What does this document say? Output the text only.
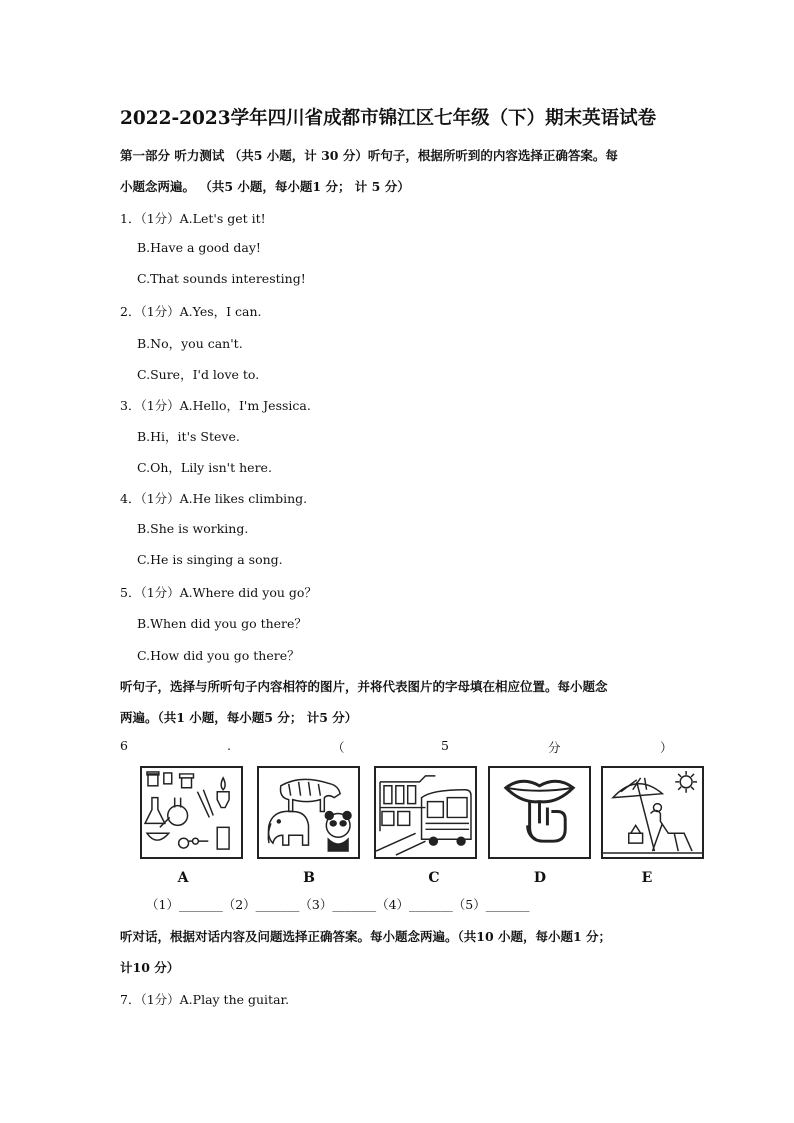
2022-2023学年四川省成都市锦江区七年级（下）期末英语试卷
第一部分 听力测试 （共5 小题，计 30 分）听句子，根据所听到的内容选择正确答案。每
小题念两遍。 （共5 小题，每小题1 分； 计 5 分）
1．（1分）A.Let's get it!
B.Have a good day!
C.That sounds interesting!
2．（1分）A.Yes，I can.
B.No，you can't.
C.Sure，I'd love to.
3．（1分）A.Hello，I'm Jessica.
B.Hi，it's Steve.
C.Oh，Lily isn't here.
4．（1分）A.He likes climbing.
B.She is working.
C.He is singing a song.
5．（1分）A.Where did you go？
B.When did you go there？
C.How did you go there？
听句子，选择与所听句子内容相符的图片，并将代表图片的字母填在相应位置。每小题念
两遍。（共1 小题，每小题5 分； 计5 分）
6	.	（	5	分	）
A	B	C	D	E
（1）_______（2）_______（3）_______（4）_______（5）_______
听对话，根据对话内容及问题选择正确答案。每小题念两遍。（共10 小题，每小题1 分；
计10 分）
7．（1分）A.Play the guitar.
